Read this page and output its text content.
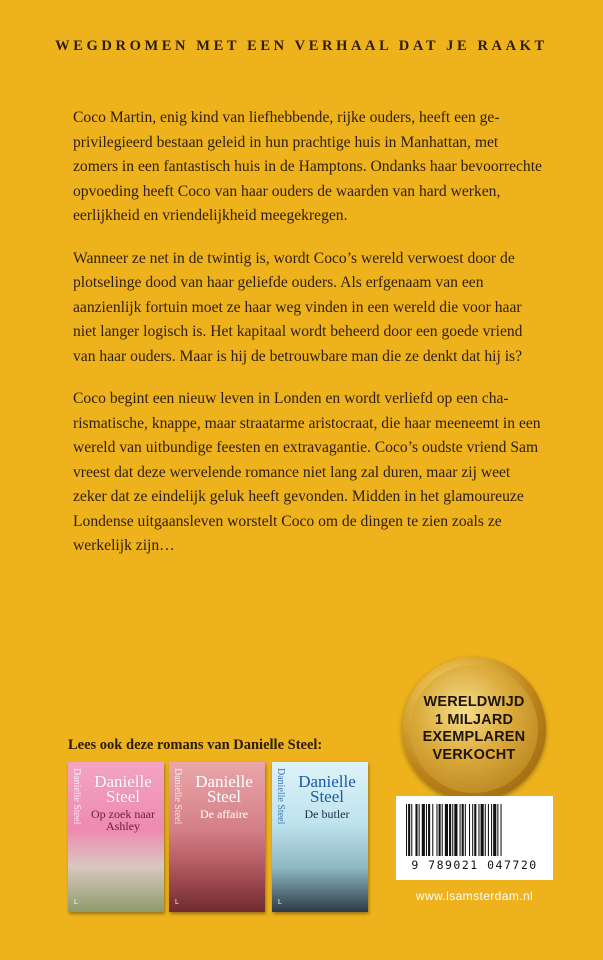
WEGDROMEN MET EEN VERHAAL DAT JE RAAKT

Coco Martin, enig kind van liefhebbende, rijke ouders, heeft een geprivilegieerd bestaan geleid in hun prachtige huis in Manhattan, met zomers in een fantastisch huis in de Hamptons. Ondanks haar bevoorrechte opvoeding heeft Coco van haar ouders de waarden van hard werken, eerlijkheid en vriendelijkheid meegekregen.

Wanneer ze net in de twintig is, wordt Coco’s wereld verwoest door de plotselinge dood van haar geliefde ouders. Als erfgenaam van een aanzienlijk fortuin moet ze haar weg vinden in een wereld die voor haar niet langer logisch is. Het kapitaal wordt beheerd door een goede vriend van haar ouders. Maar is hij de betrouwbare man die ze denkt dat hij is?

Coco begint een nieuw leven in Londen en wordt verliefd op een charismatische, knappe, maar straatarme aristocraat, die haar meeneemt in een wereld van uitbundige feesten en extravagantie. Coco’s oudste vriend Sam vreest dat deze wervelende romance niet lang zal duren, maar zij weet zeker dat ze eindelijk geluk heeft gevonden. Midden in het glamoureuze Londense uitgaansleven worstelt Coco om de dingen te zien zoals ze werkelijk zijn…

WERELDWIJD
1 MILJARD
EXEMPLAREN
VERKOCHT
Lees ook deze romans van Danielle Steel:
Danielle Steel Danielle Steel
Op zoek naar Ashley
L
Danielle Steel Danielle Steel
De affaire
L
Danielle Steel Danielle Steel
De butler
L
9 789021 047720
www.lsamsterdam.nl
